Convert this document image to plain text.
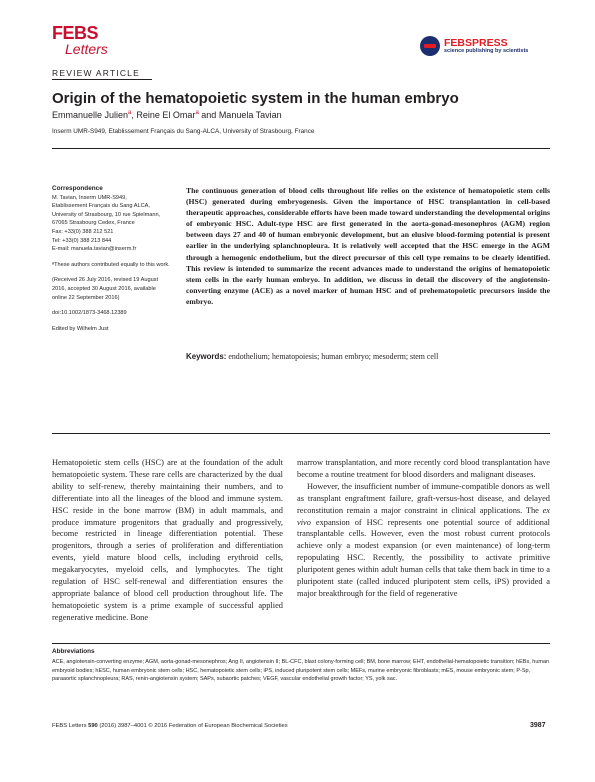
FEBS
Letters
REVIEW ARTICLE
FEBSPRESS
science publishing by scientists
Origin of the hematopoietic system in the human embryo
Emmanuelle Julien$^a$, Reine El Omar$^a$ and Manuela Tavian
Inserm UMR-S949, Etablissement Français du Sang-ALCA, University of Strasbourg, France
Correspondence
M. Tavian, Inserm UMR-S949,
Etablissement Français du Sang ALCA,
University of Strasbourg, 10 rue Spielmann,
67065 Strasbourg Cedex, France
Fax: +33(0) 388 212 521
Tel: +33(0) 388 213 844
E-mail: manuela.tavian@inserm.fr
ªThese authors contributed equally to this work.
(Received 26 July 2016, revised 19 August 2016, accepted 30 August 2016, available online 22 September 2016)
doi:10.1002/1873-3468.12389
Edited by Wilhelm Just
The continuous generation of blood cells throughout life relies on the existence of hematopoietic stem cells (HSC) generated during embryogenesis. Given the importance of HSC transplantation in cell-based therapeutic approaches, considerable efforts have been made toward understanding the developmental origins of embryonic HSC. Adult-type HSC are first generated in the aorta-gonad-mesonephros (AGM) region between days 27 and 40 of human embryonic development, but an elusive blood-forming potential is present earlier in the underlying splanchnopleura. It is relatively well accepted that the HSC emerge in the AGM through a hemogenic endothelium, but the direct precursor of this cell type remains to be clearly identified. This review is intended to summarize the recent advances made to understand the origins of hematopoietic stem cells in the early human embryo. In addition, we discuss in detail the discovery of the angiotensin-converting enzyme (ACE) as a novel marker of human HSC and of prehematopoietic precursors inside the embryo.
Keywords: endothelium; hematopoiesis; human embryo; mesoderm; stem cell

Hematopoietic stem cells (HSC) are at the foundation of the adult hematopoietic system. These rare cells are characterized by the dual ability to self-renew, thereby maintaining their numbers, and to differentiate into all the lineages of the blood and immune system. HSC reside in the bone marrow (BM) in adult mammals, and produce immature progenitors that gradually and progressively, become restricted in lineage differentiation potential. These progenitors, through a series of proliferation and differentiation events, yield mature blood cells, including erythroid cells, megakaryocytes, myeloid cells, and lymphocytes. The tight regulation of HSC self-renewal and differentiation ensures the appropriate balance of blood cell production throughout life. The hematopoietic system is a prime example of successful applied regenerative medicine. Bone

marrow transplantation, and more recently cord blood transplantation have become a routine treatment for blood disorders and malignant diseases.

However, the insufficient number of immune-compatible donors as well as transplant engraftment failure, graft-versus-host disease, and delayed reconstitution remain a major constraint in clinical applications. The ex vivo expansion of HSC represents one potential source of additional transplantable cells. However, even the most robust current protocols achieve only a modest expansion (or even maintenance) of long-term repopulating HSC. Recently, the possibility to activate primitive pluripotent genes within adult human cells that take them back in time to a pluripotent state (called induced pluripotent stem cells, iPS) provided a major breakthrough for the field of regenerative

Abbreviations
ACE, angiotensin-converting enzyme; AGM, aorta-gonad-mesonephros; Ang II, angiotensin II; BL-CFC, blast colony-forming cell; BM, bone marrow; EHT, endothelial-hematopoietic transition; hEBs, human embryoid bodies; hESC, human embryonic stem cells; HSC, hematopoietic stem cells; iPS, induced pluripotent stem cells; MEFs, murine embryonic fibroblasts; mES, mouse embryonic stem; P-Sp, paraaortic splanchnopleura; RAS, renin-angiotensin system; SAPs, subaortic patches; VEGF, vascular endothelial growth factor; YS, yolk sac.
FEBS Letters 590 (2016) 3987–4001 © 2016 Federation of European Biochemical Societies	3987
